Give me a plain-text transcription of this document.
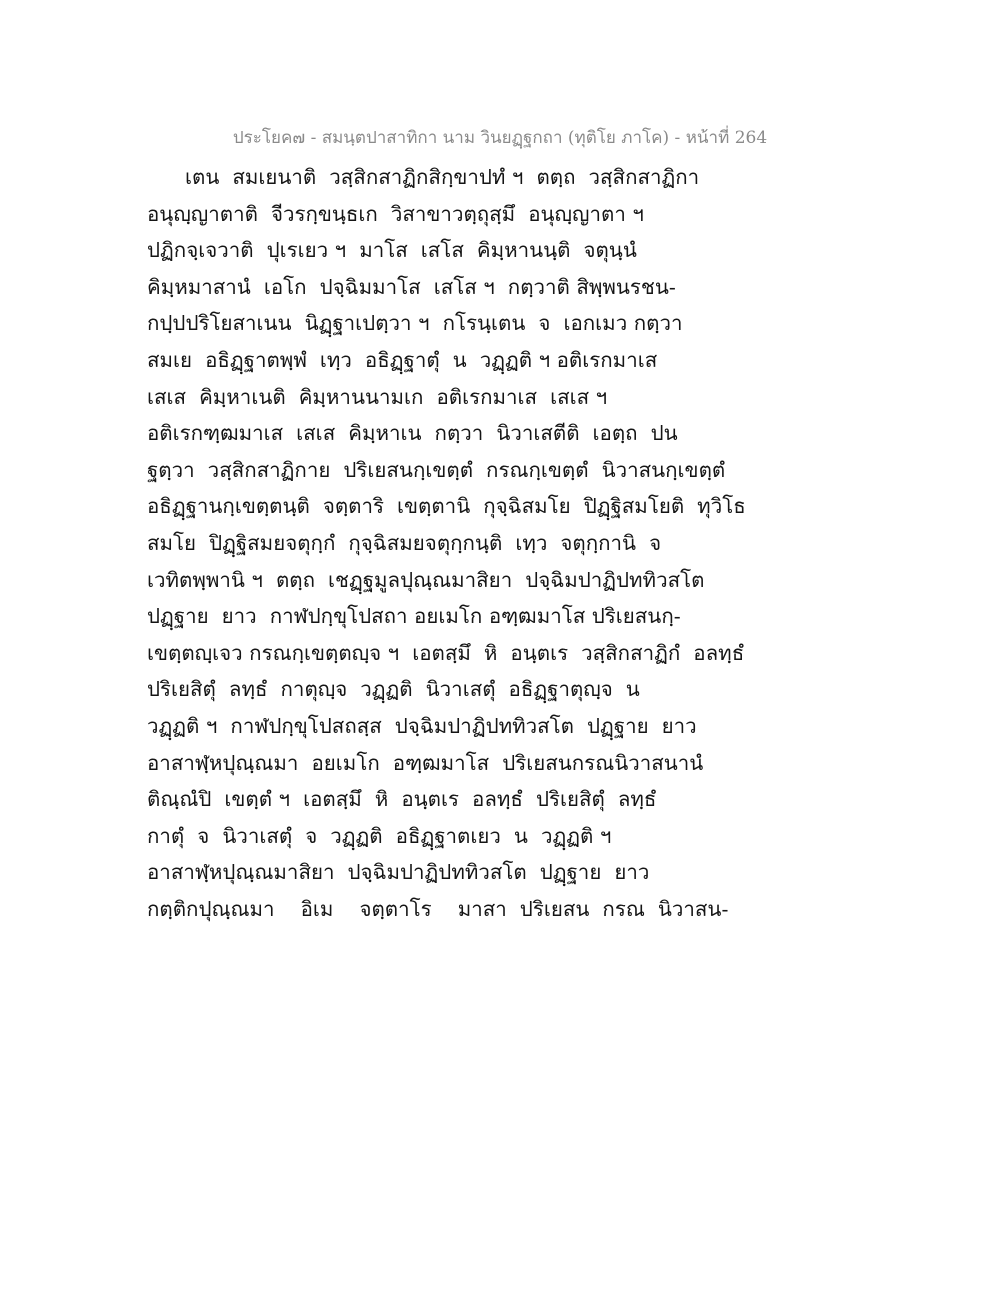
ประโยค๗ - สมนฺตปาสาทิกา นาม วินยฏฺฐกถา (ทุติโย ภาโค) - หน้าที่ 264
เตน  สมเยนาติ  วสฺสิกสาฏิกสิกฺขาปทํ ฯ  ตตฺถ  วสฺสิกสาฏิกา
อนุญฺญาตาติ  จีวรกฺขนฺธเก  วิสาขาวตฺถุสฺมึ  อนุญฺญาตา ฯ
ปฏิกจฺเจวาติ  ปุเรเยว ฯ  มาโส  เสโส  คิมฺหานนฺติ  จตุนฺนํ
คิมฺหมาสานํ  เอโก  ปจฺฉิมมาโส  เสโส ฯ  กตฺวาติ สิพฺพนรชน-
กปฺปปริโยสาเนน  นิฏฺฐาเปตฺวา ฯ  กโรนฺเตน  จ  เอกเมว กตฺวา
สมเย  อธิฏฺฐาตพฺพํ  เทฺว  อธิฏฺฐาตุํ  น  วฏฺฏติ ฯ อติเรกมาเส
เสเส  คิมฺหาเนติ  คิมฺหานนามเก  อติเรกมาเส  เสเส ฯ
อติเรกฑฺฒมาเส  เสเส  คิมฺหาเน  กตฺวา  นิวาเสตีติ  เอตฺถ  ปน
ฐตฺวา  วสฺสิกสาฏิกาย  ปริเยสนกฺเขตฺตํ  กรณกฺเขตฺตํ  นิวาสนกฺเขตฺตํ
อธิฏฺฐานกฺเขตฺตนฺติ  จตฺตาริ  เขตฺตานิ  กุจฺฉิสมโย  ปิฏฺฐิสมโยติ  ทุวิโธ
สมโย  ปิฏฺฐิสมยจตุกฺกํ  กุจฺฉิสมยจตุกฺกนฺติ  เทฺว  จตุกฺกานิ  จ
เวทิตพฺพานิ ฯ  ตตฺถ  เชฏฺฐมูลปุณฺณมาสิยา  ปจฺฉิมปาฏิปททิวสโต
ปฏฺฐาย  ยาว  กาฬปกฺขุโปสถา อยเมโก อฑฺฒมาโส ปริเยสนกฺ-
เขตฺตญฺเจว กรณกฺเขตฺตญฺจ ฯ  เอตสฺมึ  หิ  อนฺตเร  วสฺสิกสาฏิกํ  อลทฺธํ
ปริเยสิตุํ  ลทฺธํ  กาตุญฺจ  วฏฺฏติ  นิวาเสตุํ  อธิฏฺฐาตุญฺจ  น
วฏฺฏติ ฯ  กาฬปกฺขุโปสถสฺส  ปจฺฉิมปาฏิปททิวสโต  ปฏฺฐาย  ยาว
อาสาฬฺหปุณฺณมา  อยเมโก  อฑฺฒมาโส  ปริเยสนกรณนิวาสนานํ
ติณฺณํปิ  เขตฺตํ ฯ  เอตสฺมึ  หิ  อนฺตเร  อลทฺธํ  ปริเยสิตุํ  ลทฺธํ
กาตุํ  จ  นิวาเสตุํ  จ  วฏฺฏติ  อธิฏฺฐาตเยว  น  วฏฺฏติ ฯ
อาสาฬฺหปุณฺณมาสิยา  ปจฺฉิมปาฏิปททิวสโต  ปฏฺฐาย  ยาว
กตฺติกปุณฺณมา    อิเม    จตฺตาโร    มาสา  ปริเยสน  กรณ  นิวาสน-
